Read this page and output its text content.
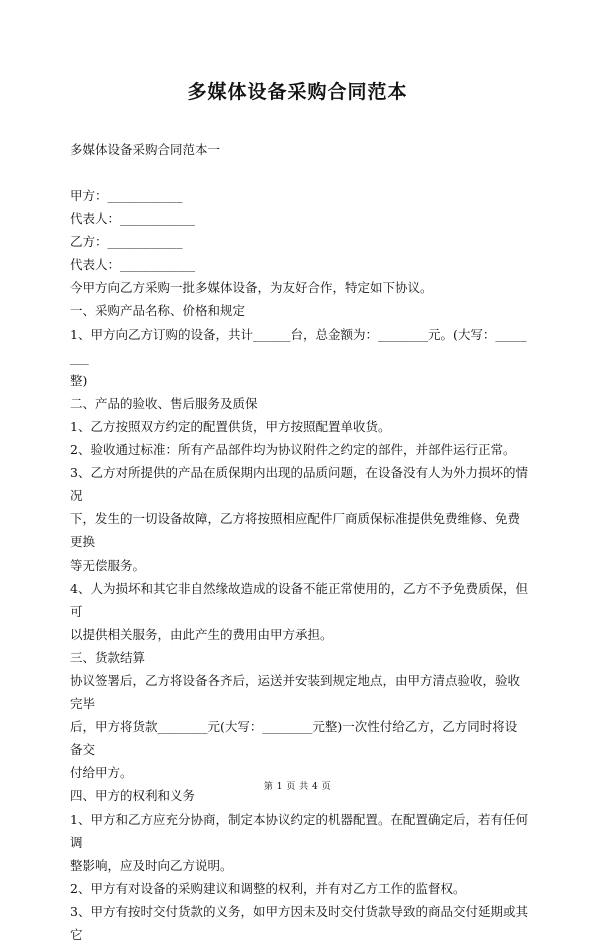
多媒体设备采购合同范本
多媒体设备采购合同范本一

甲方：____________

代表人：____________

乙方：____________

代表人：____________

今甲方向乙方采购一批多媒体设备，为友好合作，特定如下协议。

一、采购产品名称、价格和规定

1、甲方向乙方订购的设备，共计______台，总金额为：________元。(大写：________

整)

二、产品的验收、售后服务及质保

1、乙方按照双方约定的配置供货，甲方按照配置单收货。

2、验收通过标准：所有产品部件均为协议附件之约定的部件，并部件运行正常。

3、乙方对所提供的产品在质保期内出现的品质问题，在设备没有人为外力损坏的情况

下，发生的一切设备故障，乙方将按照相应配件厂商质保标准提供免费维修、免费更换

等无偿服务。

4、人为损坏和其它非自然缘故造成的设备不能正常使用的，乙方不予免费质保，但可

以提供相关服务，由此产生的费用由甲方承担。

三、货款结算

协议签署后，乙方将设备各齐后，运送并安装到规定地点，由甲方清点验收，验收完毕

后，甲方将货款________元(大写：________元整)一次性付给乙方，乙方同时将设备交

付给甲方。

四、甲方的权利和义务

1、甲方和乙方应充分协商，制定本协议约定的机器配置。在配置确定后，若有任何调

整影响，应及时向乙方说明。

2、甲方有对设备的采购建议和调整的权利，并有对乙方工作的监督权。

3、甲方有按时交付货款的义务，如甲方因未及时交付货款导致的商品交付延期或其它

第 1 页 共 4 页
